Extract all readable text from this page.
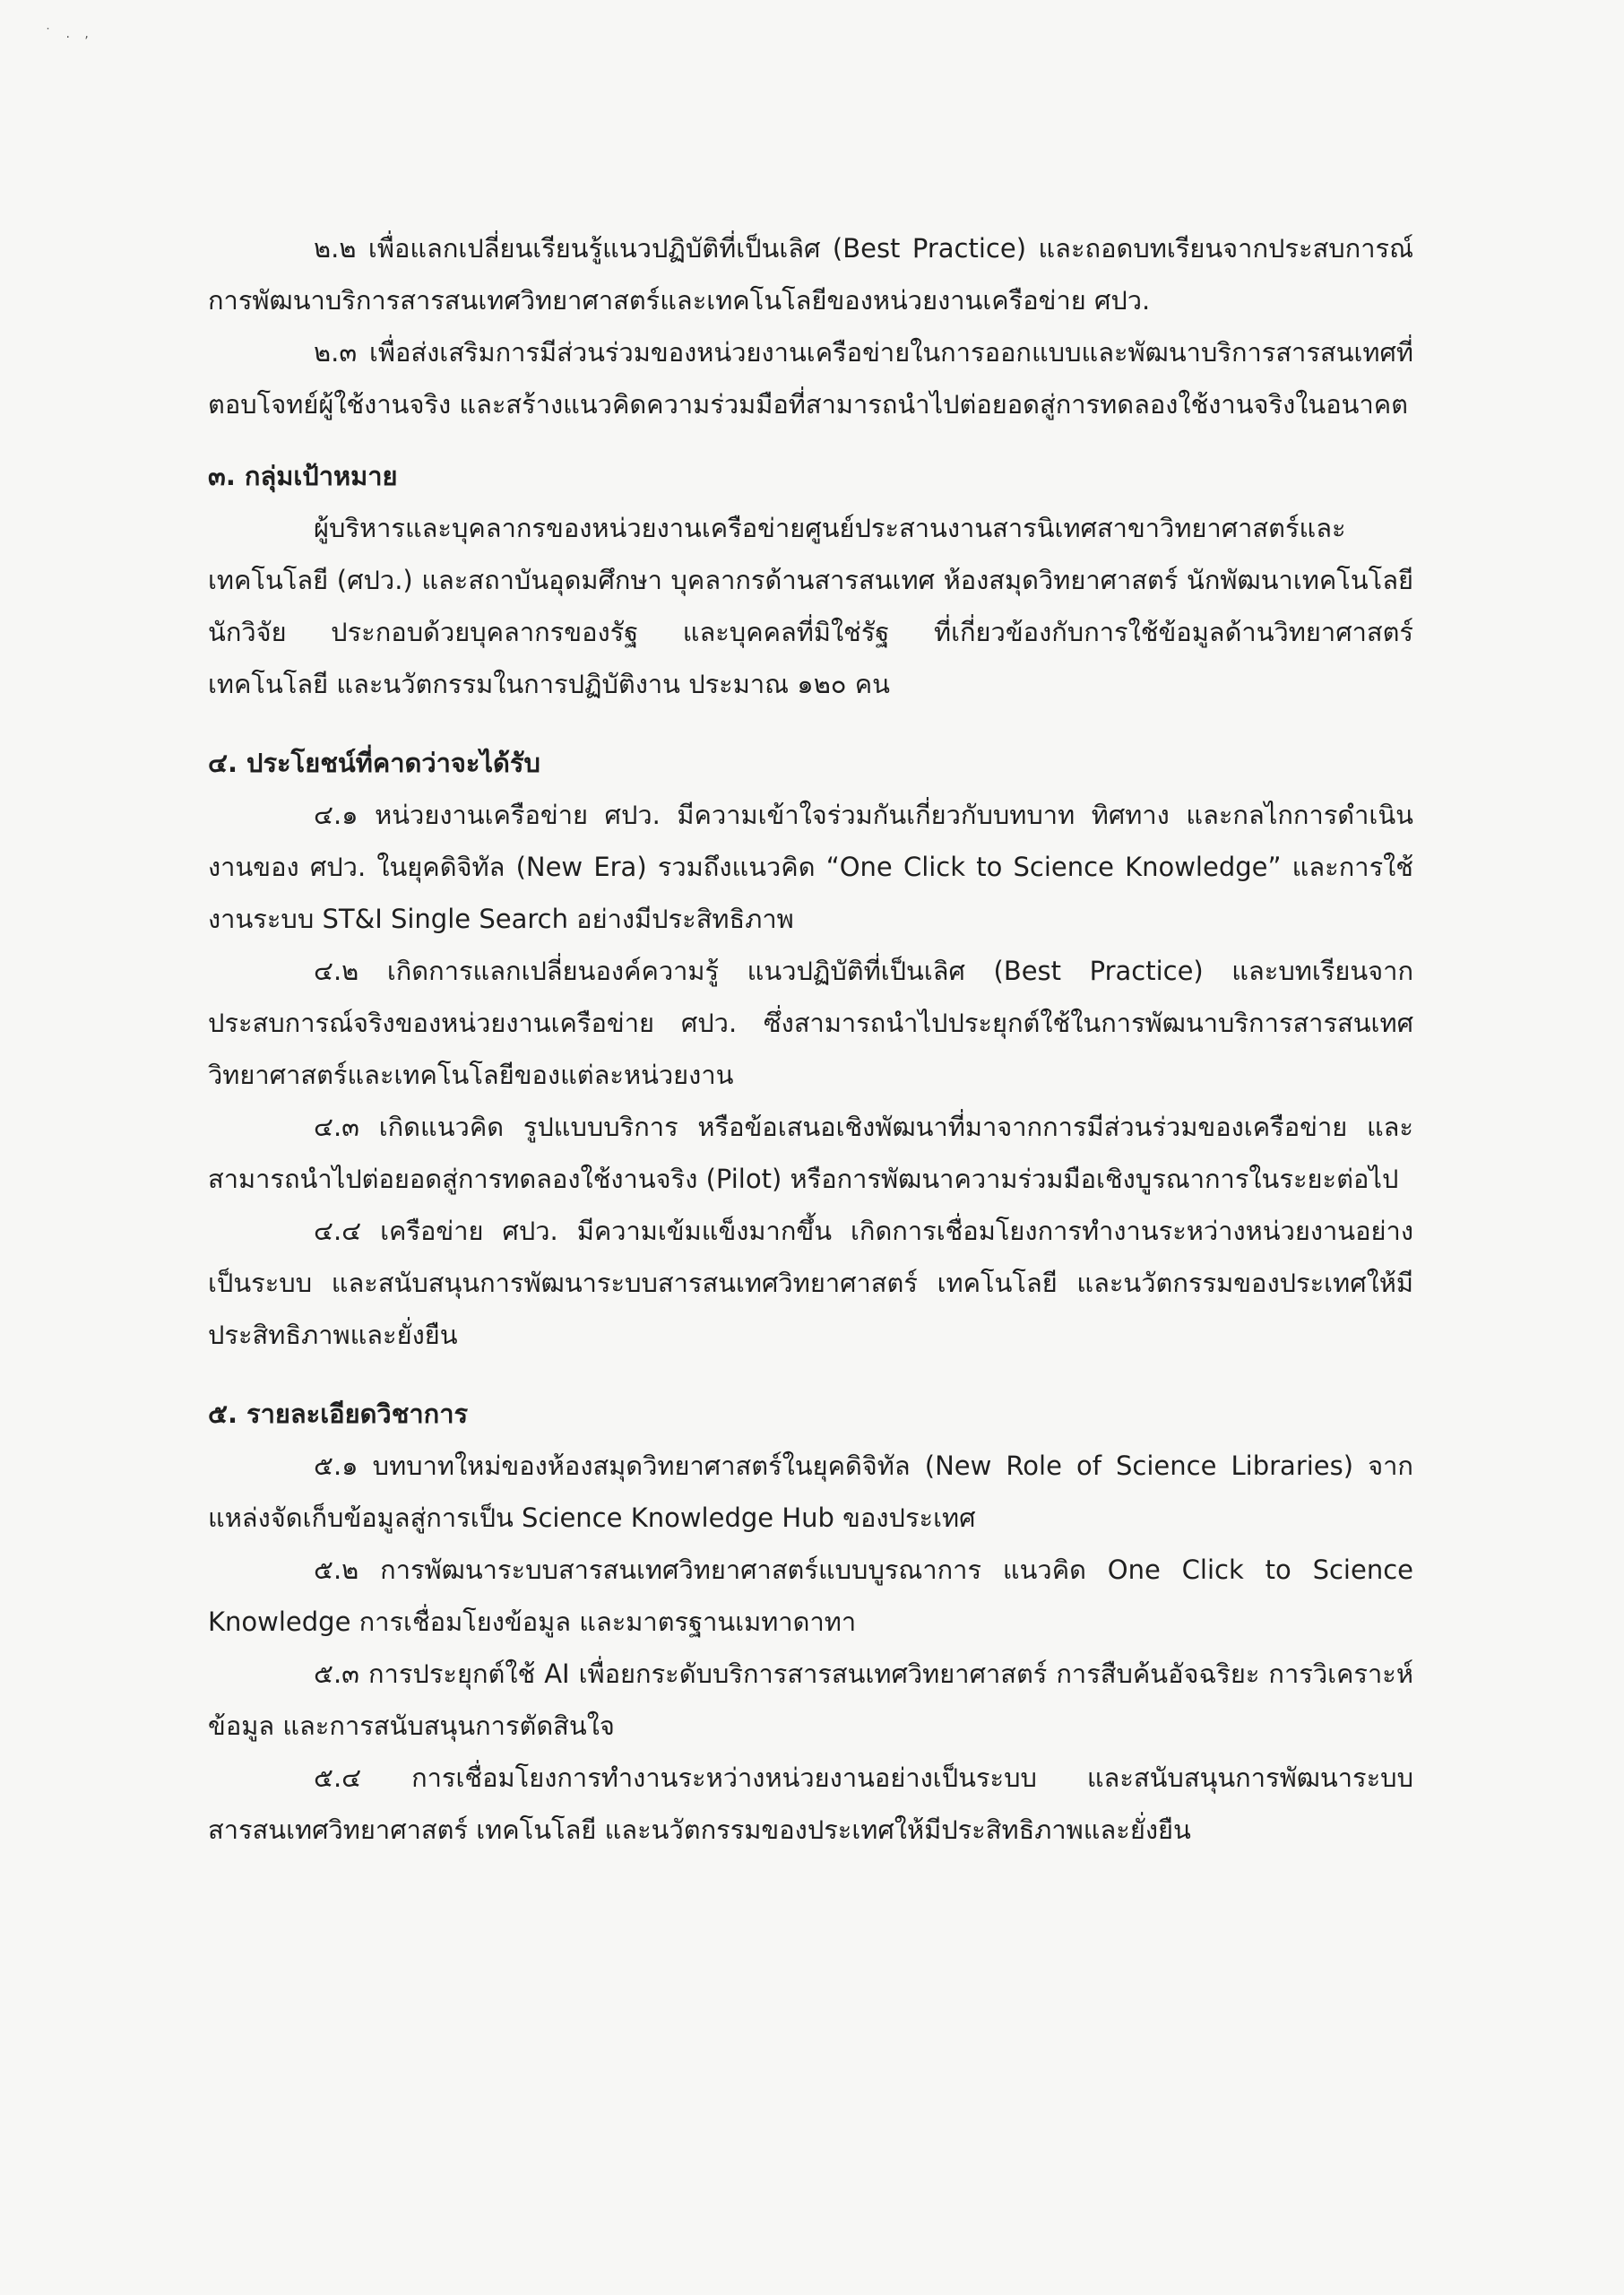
˙ . ,

๒.๒ เพื่อแลกเปลี่ยนเรียนรู้แนวปฏิบัติที่เป็นเลิศ (Best Practice) และถอดบทเรียนจากประสบการณ์การพัฒนาบริการสารสนเทศวิทยาศาสตร์และเทคโนโลยีของหน่วยงานเครือข่าย ศปว.

๒.๓ เพื่อส่งเสริมการมีส่วนร่วมของหน่วยงานเครือข่ายในการออกแบบและพัฒนาบริการสารสนเทศที่ตอบโจทย์ผู้ใช้งานจริง และสร้างแนวคิดความร่วมมือที่สามารถนำไปต่อยอดสู่การทดลองใช้งานจริงในอนาคต

๓. กลุ่มเป้าหมาย

ผู้บริหารและบุคลากรของหน่วยงานเครือข่ายศูนย์ประสานงานสารนิเทศสาขาวิทยาศาสตร์และเทคโนโลยี (ศปว.) และสถาบันอุดมศึกษา บุคลากรด้านสารสนเทศ ห้องสมุดวิทยาศาสตร์ นักพัฒนาเทคโนโลยี นักวิจัย ประกอบด้วยบุคลากรของรัฐ และบุคคลที่มิใช่รัฐ ที่เกี่ยวข้องกับการใช้ข้อมูลด้านวิทยาศาสตร์ เทคโนโลยี และนวัตกรรมในการปฏิบัติงาน ประมาณ ๑๒๐ คน

๔. ประโยชน์ที่คาดว่าจะได้รับ

๔.๑ หน่วยงานเครือข่าย ศปว. มีความเข้าใจร่วมกันเกี่ยวกับบทบาท ทิศทาง และกลไกการดำเนินงานของ ศปว. ในยุคดิจิทัล (New Era) รวมถึงแนวคิด “One Click to Science Knowledge” และการใช้งานระบบ ST&I Single Search อย่างมีประสิทธิภาพ

๔.๒ เกิดการแลกเปลี่ยนองค์ความรู้ แนวปฏิบัติที่เป็นเลิศ (Best Practice) และบทเรียนจากประสบการณ์จริงของหน่วยงานเครือข่าย ศปว. ซึ่งสามารถนำไปประยุกต์ใช้ในการพัฒนาบริการสารสนเทศวิทยาศาสตร์และเทคโนโลยีของแต่ละหน่วยงาน

๔.๓ เกิดแนวคิด รูปแบบบริการ หรือข้อเสนอเชิงพัฒนาที่มาจากการมีส่วนร่วมของเครือข่าย และสามารถนำไปต่อยอดสู่การทดลองใช้งานจริง (Pilot) หรือการพัฒนาความร่วมมือเชิงบูรณาการในระยะต่อไป

๔.๔ เครือข่าย ศปว. มีความเข้มแข็งมากขึ้น เกิดการเชื่อมโยงการทำงานระหว่างหน่วยงานอย่างเป็นระบบ และสนับสนุนการพัฒนาระบบสารสนเทศวิทยาศาสตร์ เทคโนโลยี และนวัตกรรมของประเทศให้มีประสิทธิภาพและยั่งยืน

๕. รายละเอียดวิชาการ

๕.๑ บทบาทใหม่ของห้องสมุดวิทยาศาสตร์ในยุคดิจิทัล (New Role of Science Libraries) จากแหล่งจัดเก็บข้อมูลสู่การเป็น Science Knowledge Hub ของประเทศ

๕.๒ การพัฒนาระบบสารสนเทศวิทยาศาสตร์แบบบูรณาการ แนวคิด One Click to Science Knowledge การเชื่อมโยงข้อมูล และมาตรฐานเมทาดาทา

๕.๓ การประยุกต์ใช้ AI เพื่อยกระดับบริการสารสนเทศวิทยาศาสตร์ การสืบค้นอัจฉริยะ การวิเคราะห์ข้อมูล และการสนับสนุนการตัดสินใจ

๕.๔ การเชื่อมโยงการทำงานระหว่างหน่วยงานอย่างเป็นระบบ และสนับสนุนการพัฒนาระบบสารสนเทศวิทยาศาสตร์ เทคโนโลยี และนวัตกรรมของประเทศให้มีประสิทธิภาพและยั่งยืน
